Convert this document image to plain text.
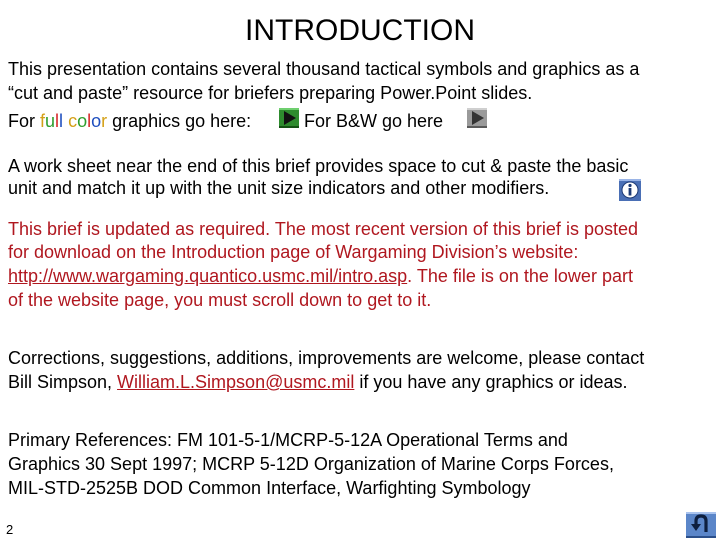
INTRODUCTION
This presentation contains several thousand tactical symbols and graphics as a
“cut and paste” resource for briefers preparing Power.Point slides.
For full color graphics go here:	For B&W go here
A work sheet near the end of this brief provides space to cut & paste the basic
unit and match it up with the unit size indicators and other modifiers.
This brief is updated as required. The most recent version of this brief is posted
for download on the Introduction page of Wargaming Division’s website:
http://www.wargaming.quantico.usmc.mil/intro.asp. The file is on the lower part
of the website page, you must scroll down to get to it.
Corrections, suggestions, additions, improvements are welcome, please contact
Bill Simpson, William.L.Simpson@usmc.mil if you have any graphics or ideas.
Primary References: FM 101-5-1/MCRP-5-12A Operational Terms and
Graphics 30 Sept 1997; MCRP 5-12D Organization of Marine Corps Forces,
MIL-STD-2525B DOD Common Interface, Warfighting Symbology
2
